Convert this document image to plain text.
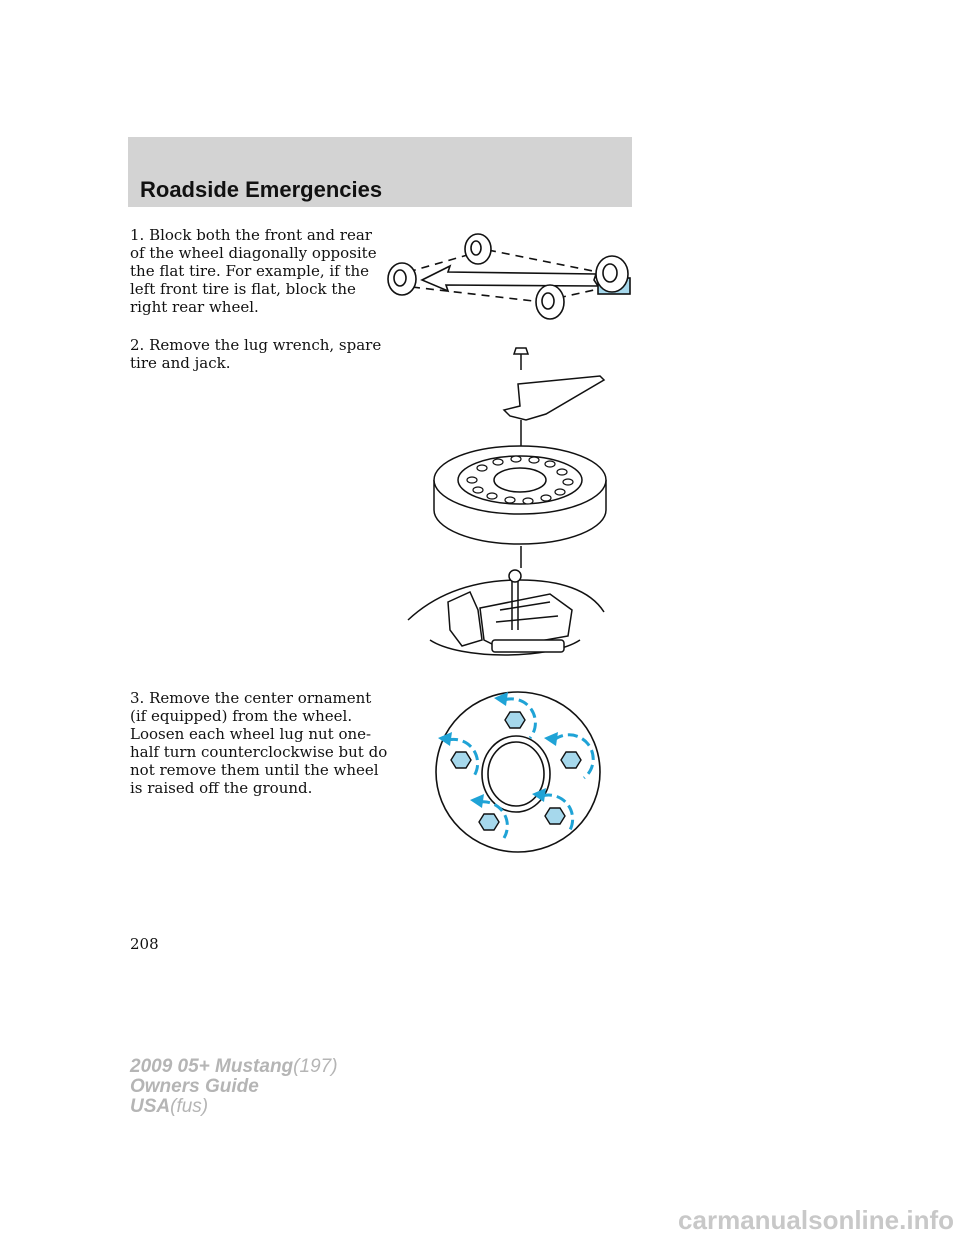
Roadside Emergencies

1. Block both the front and rear of the wheel diagonally opposite the flat tire. For example, if the left front tire is flat, block the right rear wheel.

2. Remove the lug wrench, spare tire and jack.

3. Remove the center ornament (if equipped) from the wheel. Loosen each wheel lug nut one-half turn counterclockwise but do not remove them until the wheel is raised off the ground.

208
2009 05+ Mustang(197)
Owners Guide
USA(fus)
carmanualsonline.info
